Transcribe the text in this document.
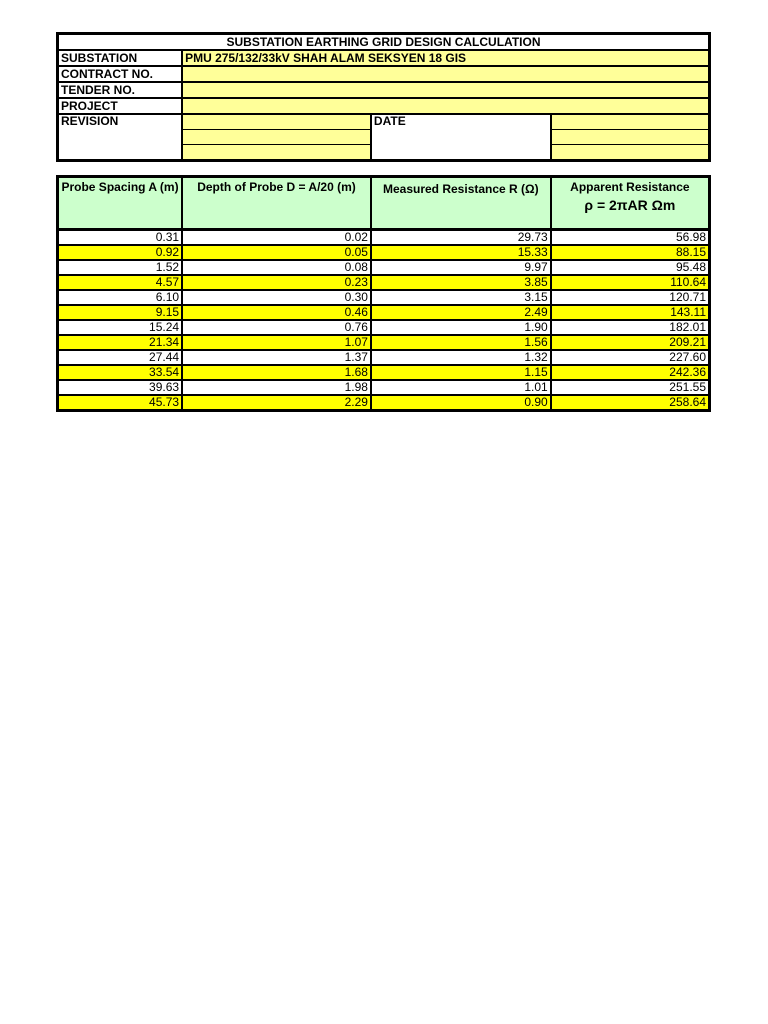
SUBSTATION EARTHING GRID DESIGN CALCULATION			
SUBSTATION	PMU 275/132/33kV SHAH ALAM SEKSYEN 18 GIS		
CONTRACT NO.			
TENDER NO.			
PROJECT			
REVISION		DATE	

Probe Spacing A (m)	Depth of Probe D = A/20 (m)	Measured Resistance R (Ω)	Apparent Resistance
ρ = 2πAR Ωm

0.31	0.02	29.73	56.98
0.92	0.05	15.33	88.15
1.52	0.08	9.97	95.48
4.57	0.23	3.85	110.64
6.10	0.30	3.15	120.71
9.15	0.46	2.49	143.11
15.24	0.76	1.90	182.01
21.34	1.07	1.56	209.21
27.44	1.37	1.32	227.60
33.54	1.68	1.15	242.36
39.63	1.98	1.01	251.55
45.73	2.29	0.90	258.64
